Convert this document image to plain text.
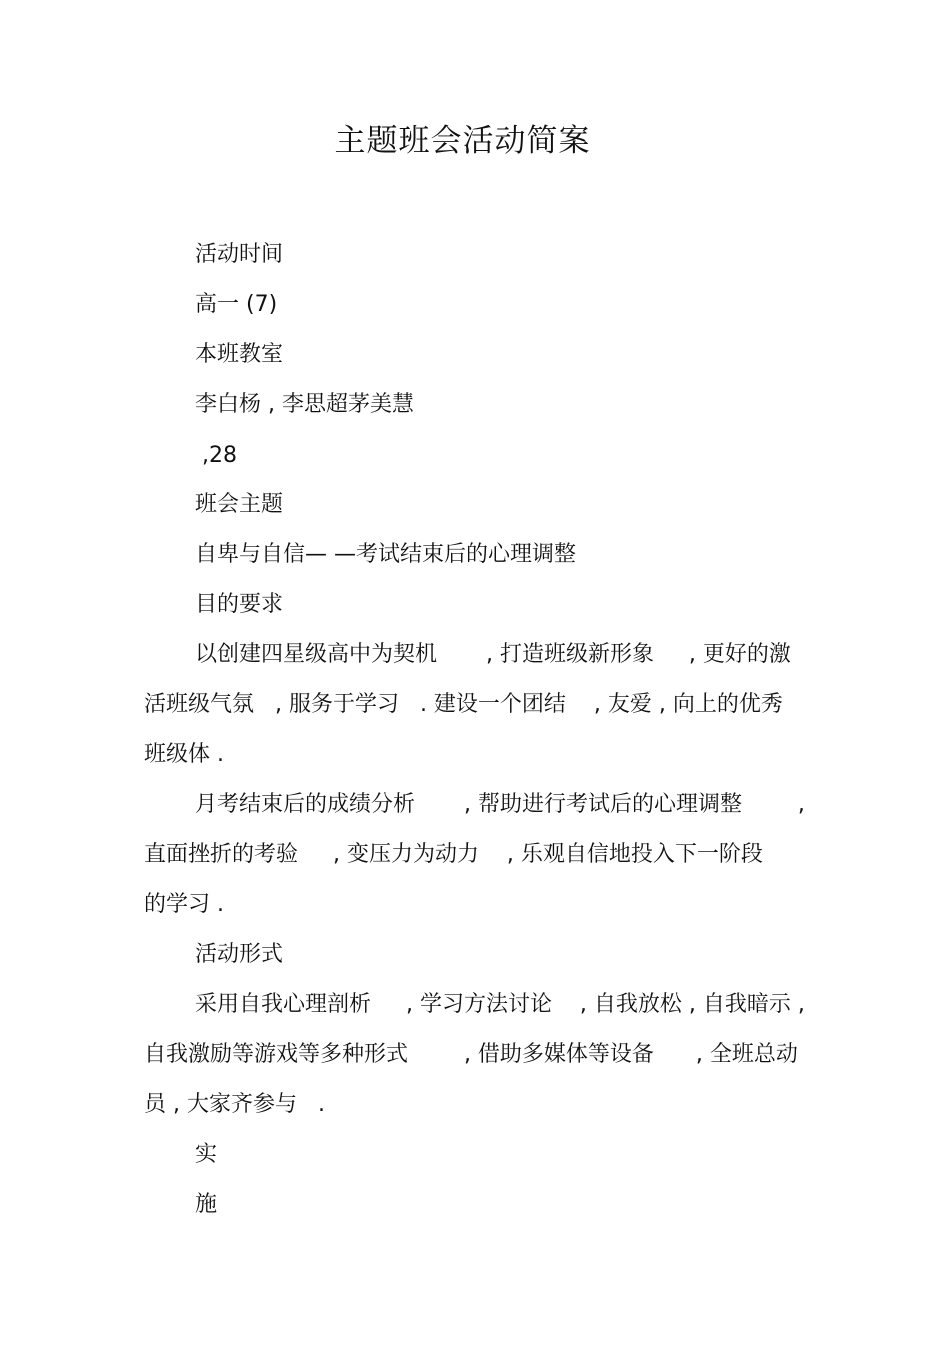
主题班会活动简案
活动时间
高一 (7)
本班教室
李白杨 , 李思超茅美慧
,28
班会主题
自卑与自信— —考试结束后的心理调整
目的要求
以创建四星级高中为契机       , 打造班级新形象     , 更好的激
活班级气氛   , 服务于学习   . 建设一个团结    , 友爱 , 向上的优秀
班级体 .
月考结束后的成绩分析       , 帮助进行考试后的心理调整        ,
直面挫折的考验     , 变压力为动力    , 乐观自信地投入下一阶段
的学习 .
活动形式
采用自我心理剖析     , 学习方法讨论    , 自我放松 , 自我暗示 ,
自我激励等游戏等多种形式        , 借助多媒体等设备      , 全班总动
员 , 大家齐参与   .
实
施
